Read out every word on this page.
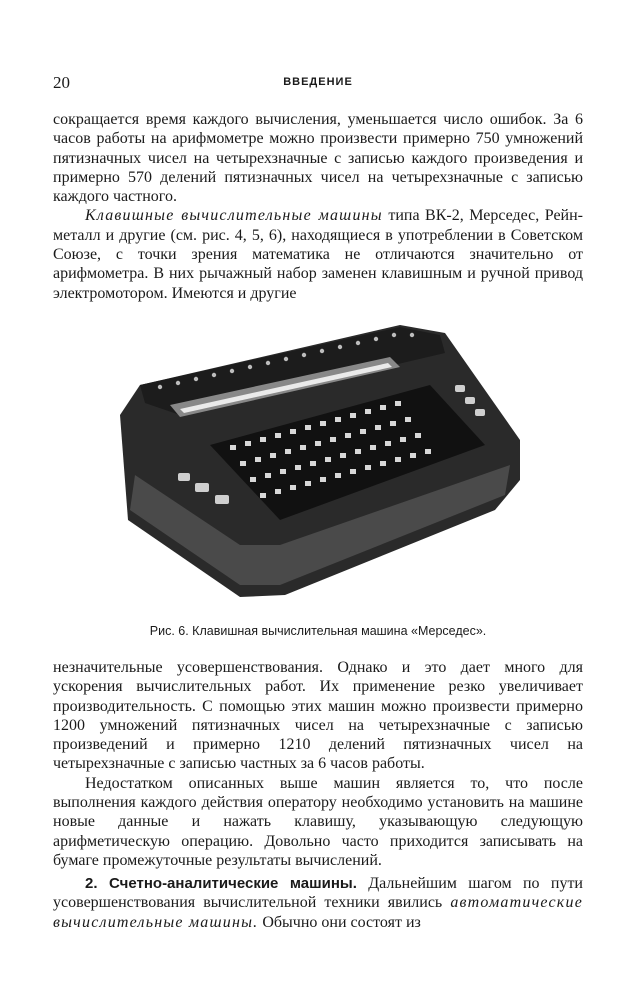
20	ВВЕДЕНИЕ

сокращается время каждого вычисления, уменьшается число ошибок. За 6 часов работы на арифмометре можно произвести примерно 750 умножений пятизначных чисел на четырехзначные с записью каждого произведения и примерно 570 делений пятизначных чисел на четырехзначные с записью каждого частного.

Клавишные вычислительные машины типа ВК-2, Мерседес, Рейн-металл и другие (см. рис. 4, 5, 6), находящиеся в употреблении в Советском Союзе, с точки зрения математика не отличаются значительно от арифмометра. В них рычажный набор заменен клавишным и ручной привод электромотором. Имеются и другие

Рис. 6. Клавишная вычислительная машина «Мерседес».

незначительные усовершенствования. Однако и это дает много для ускорения вычислительных работ. Их применение резко увеличивает производительность. С помощью этих машин можно произвести примерно 1200 умножений пятизначных чисел на четырехзначные с записью произведений и примерно 1210 делений пятизначных чисел на четырехзначные с записью частных за 6 часов работы.

Недостатком описанных выше машин является то, что после выполнения каждого действия оператору необходимо установить на машине новые данные и нажать клавишу, указывающую следующую арифметическую операцию. Довольно часто приходится записывать на бумаге промежуточные результаты вычислений.

2. Счетно-аналитические машины. Дальнейшим шагом по пути усовершенствования вычислительной техники явились автоматические вычислительные машины. Обычно они состоят из
